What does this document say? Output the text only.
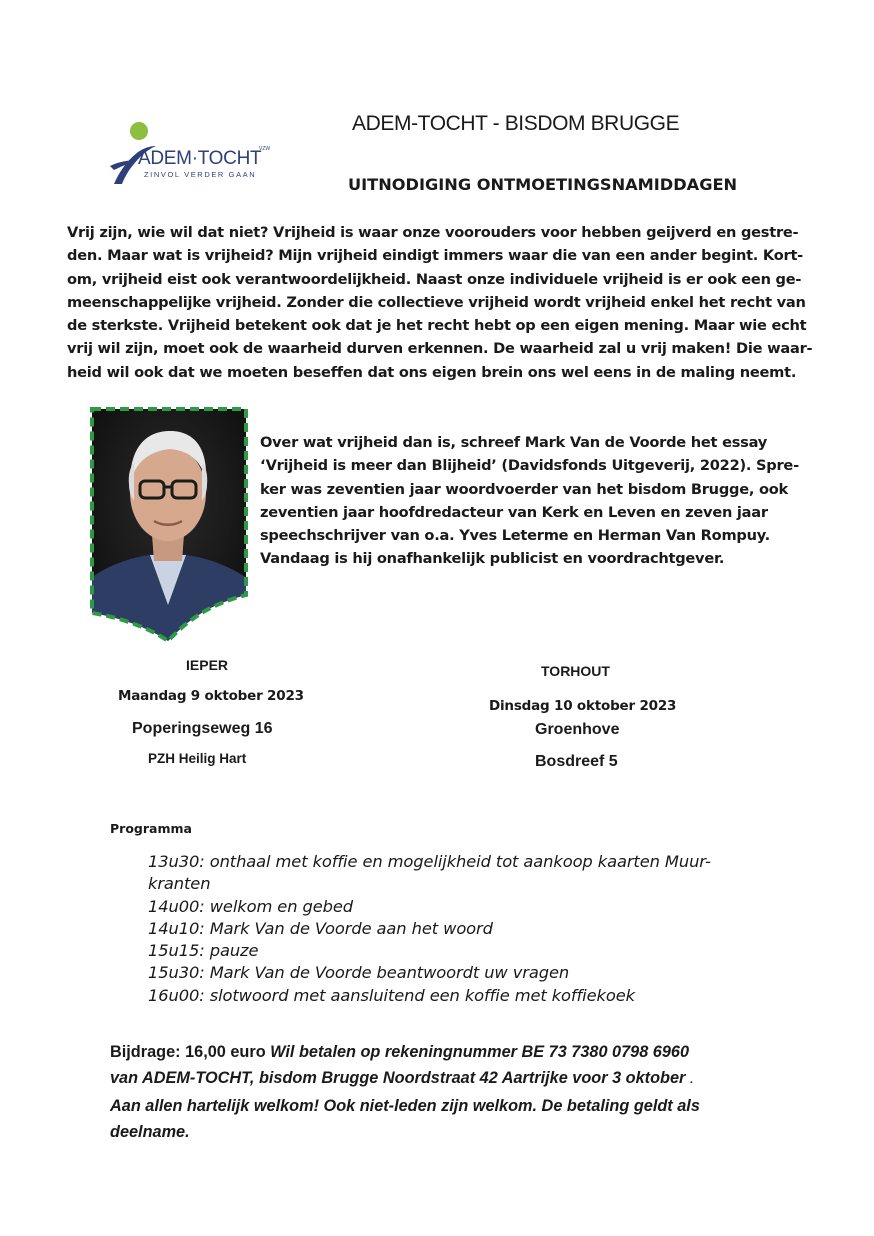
ADEM·TOCHT
VZW
ZINVOL VERDER GAAN
ADEM-TOCHT - BISDOM BRUGGE
UITNODIGING ONTMOETINGSNAMIDDAGEN
Vrij zijn, wie wil dat niet? Vrijheid is waar onze voorouders voor hebben geijverd en gestre-
den. Maar wat is vrijheid? Mijn vrijheid eindigt immers waar die van een ander begint. Kort-
om, vrijheid eist ook verantwoordelijkheid. Naast onze individuele vrijheid is er ook een ge-
meenschappelijke vrijheid. Zonder die collectieve vrijheid wordt vrijheid enkel het recht van
de sterkste. Vrijheid betekent ook dat je het recht hebt op een eigen mening. Maar wie echt
vrij wil zijn, moet ook de waarheid durven erkennen. De waarheid zal u vrij maken! Die waar-
heid wil ook dat we moeten beseffen dat ons eigen brein ons wel eens in de maling neemt.
Over wat vrijheid dan is, schreef Mark Van de Voorde het essay
‘Vrijheid is meer dan Blijheid’ (Davidsfonds Uitgeverij, 2022). Spre-
ker was zeventien jaar woordvoerder van het bisdom Brugge, ook
zeventien jaar hoofdredacteur van Kerk en Leven en zeven jaar
speechschrijver van o.a. Yves Leterme en Herman Van Rompuy.
Vandaag is hij onafhankelijk publicist en voordrachtgever.
IEPER
Maandag 9 oktober 2023
Poperingseweg 16
PZH Heilig Hart
TORHOUT
Dinsdag 10 oktober 2023
Groenhove
Bosdreef 5
Programma
13u30: onthaal met koffie en mogelijkheid tot aankoop kaarten Muur-
kranten
14u00: welkom en gebed
14u10: Mark Van de Voorde aan het woord
15u15: pauze
15u30: Mark Van de Voorde beantwoordt uw vragen
16u00: slotwoord met aansluitend een koffie met koffiekoek
Bijdrage: 16,00 euro Wil betalen op rekeningnummer BE 73 7380 0798 6960
van ADEM-TOCHT, bisdom Brugge Noordstraat 42 Aartrijke voor 3 oktober .
Aan allen hartelijk welkom! Ook niet-leden zijn welkom. De betaling geldt als
deelname.
